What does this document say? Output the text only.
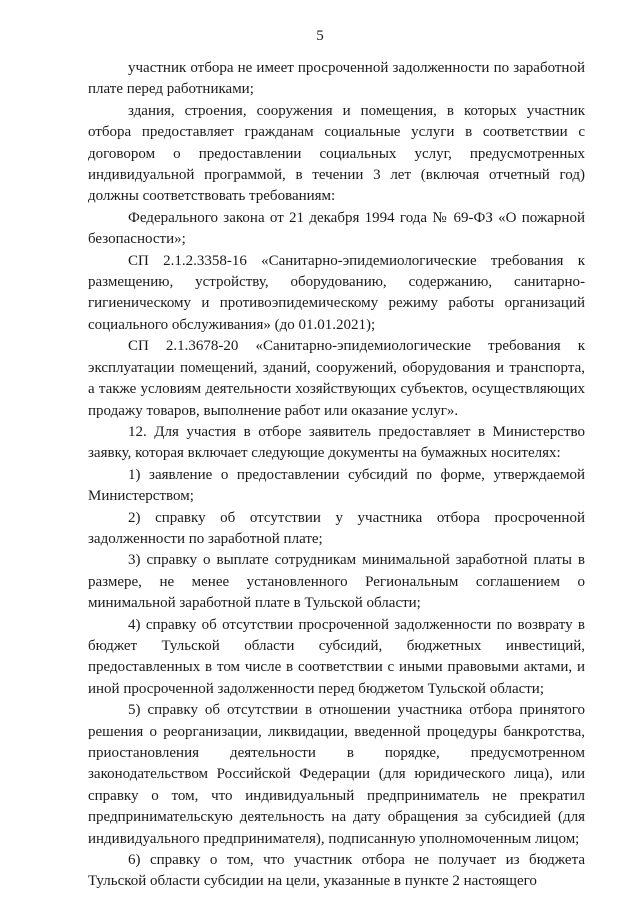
5

участник отбора не имеет просроченной задолженности по заработной плате перед работниками;

здания, строения, сооружения и помещения, в которых участник отбора предоставляет гражданам социальные услуги в соответствии с договором о предоставлении социальных услуг, предусмотренных индивидуальной программой, в течении 3 лет (включая отчетный год) должны соответствовать требованиям:

Федерального закона от 21 декабря 1994 года № 69-ФЗ «О пожарной безопасности»;

СП 2.1.2.3358-16 «Санитарно-эпидемиологические требования к размещению, устройству, оборудованию, содержанию, санитарно-гигиеническому и противоэпидемическому режиму работы организаций социального обслуживания» (до 01.01.2021);

СП 2.1.3678-20 «Санитарно-эпидемиологические требования к эксплуатации помещений, зданий, сооружений, оборудования и транспорта, а также условиям деятельности хозяйствующих субъектов, осуществляющих продажу товаров, выполнение работ или оказание услуг».

12. Для участия в отборе заявитель предоставляет в Министерство заявку, которая включает следующие документы на бумажных носителях:

1) заявление о предоставлении субсидий по форме, утверждаемой Министерством;

2) справку об отсутствии у участника отбора просроченной задолженности по заработной плате;

3) справку о выплате сотрудникам минимальной заработной платы в размере, не менее установленного Региональным соглашением о минимальной заработной плате в Тульской области;

4) справку об отсутствии просроченной задолженности по возврату в бюджет Тульской области субсидий, бюджетных инвестиций, предоставленных в том числе в соответствии с иными правовыми актами, и иной просроченной задолженности перед бюджетом Тульской области;

5) справку об отсутствии в отношении участника отбора принятого решения о реорганизации, ликвидации, введенной процедуры банкротства, приостановления деятельности в порядке, предусмотренном законодательством Российской Федерации (для юридического лица), или справку о том, что индивидуальный предприниматель не прекратил предпринимательскую деятельность на дату обращения за субсидией (для индивидуального предпринимателя), подписанную уполномоченным лицом;

6) справку о том, что участник отбора не получает из бюджета Тульской области субсидии на цели, указанные в пункте 2 настоящего
